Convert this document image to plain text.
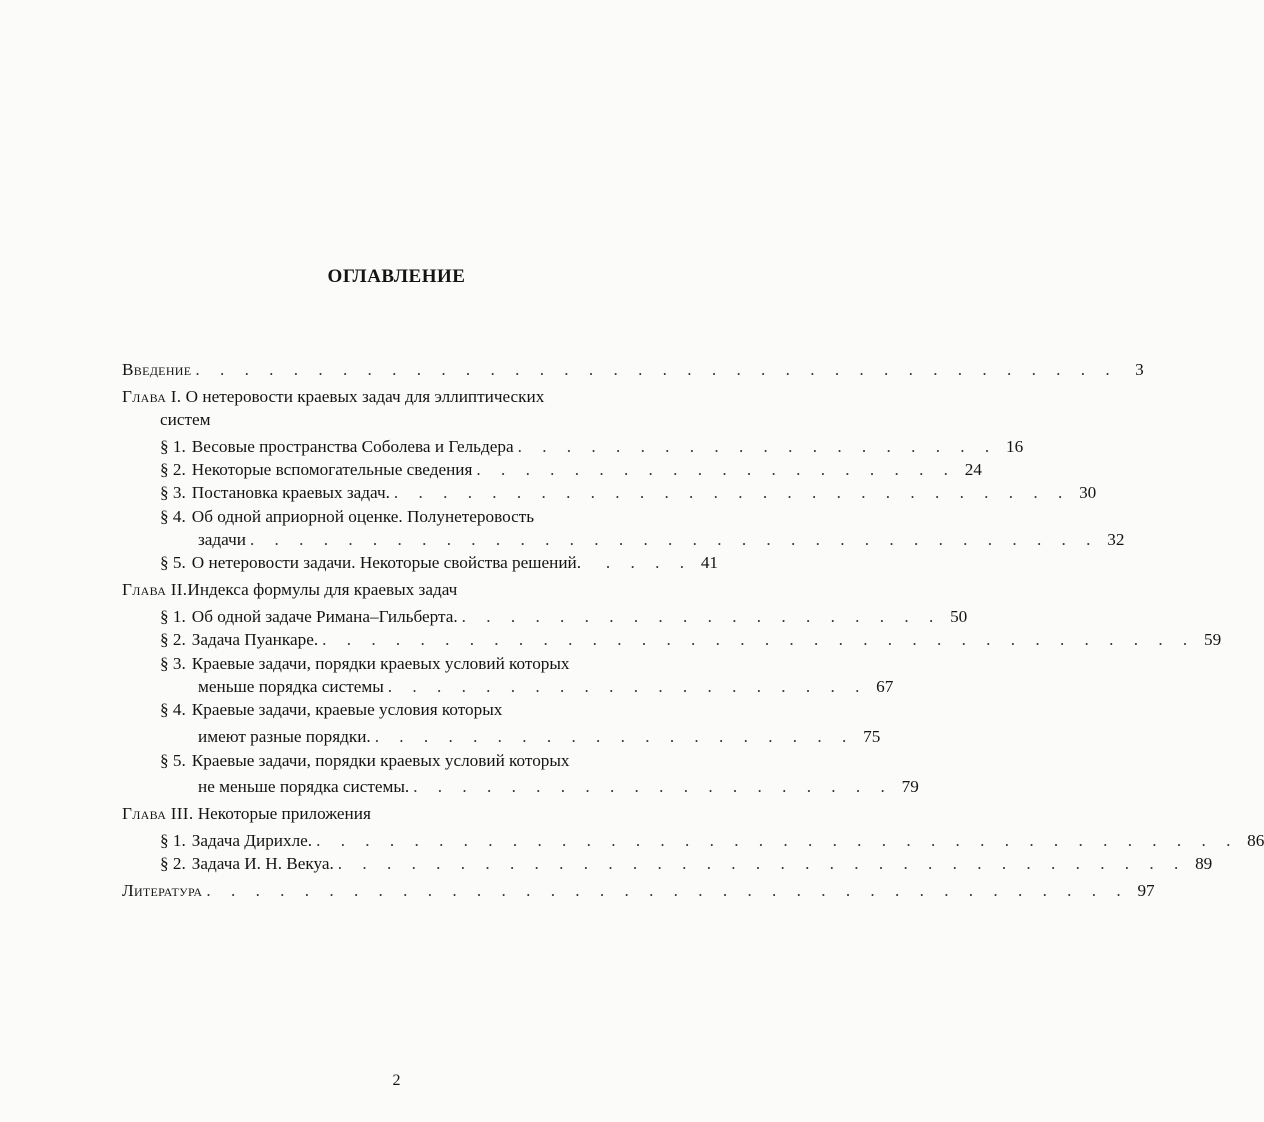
ОГЛАВЛЕНИЕ
Введение . . . . . . . . . . . . . . . . . . . . . . . . . . . . . . . . . . . . . .	3
Глава I.
О нетеровости краевых задач для эллиптических
систем
§ 1. Весовые пространства Соболева и Гельдера . . . . . . . . . . . . . . . . . . . . 16
§ 2. Некоторые вспомогательные сведения . . . . . . . . . . . . . . . . . . . . 24
§ 3. Постановка краевых задач. . . . . . . . . . . . . . . . . . . . . . . . . . . . . 30
§ 4. Об одной априорной оценке. Полунетеровость
задачи . . . . . . . . . . . . . . . . . . . . . . . . . . . . . . . . . . . 32
§ 5. О нетеровости задачи. Некоторые свойства решений.	. . . . 41
Глава II. Индекса формулы для краевых задач
§ 1. Об одной задаче Римана–Гильберта. . . . . . . . . . . . . . . . . . . . . 50
§ 2. Задача Пуанкаре. . . . . . . . . . . . . . . . . . . . . . . . . . . . . . . . . . . . . 59
§ 3. Краевые задачи, порядки краевых условий которых
меньше порядка системы . . . . . . . . . . . . . . . . . . . . 67
§ 4. Краевые задачи, краевые условия которых
имеют разные порядки. . . . . . . . . . . . . . . . . . . . . 75
§ 5. Краевые задачи, порядки краевых условий которых
не меньше порядка системы. . . . . . . . . . . . . . . . . . . . . 79
Глава III.
Некоторые приложения
§ 1. Задача Дирихле. . . . . . . . . . . . . . . . . . . . . . . . . . . . . . . . . . . . . . . 86
§ 2. Задача И. Н. Векуа. . . . . . . . . . . . . . . . . . . . . . . . . . . . . . . . . . . . 89
Литература . . . . . . . . . . . . . . . . . . . . . . . . . . . . . . . . . . . . . . 97
2
